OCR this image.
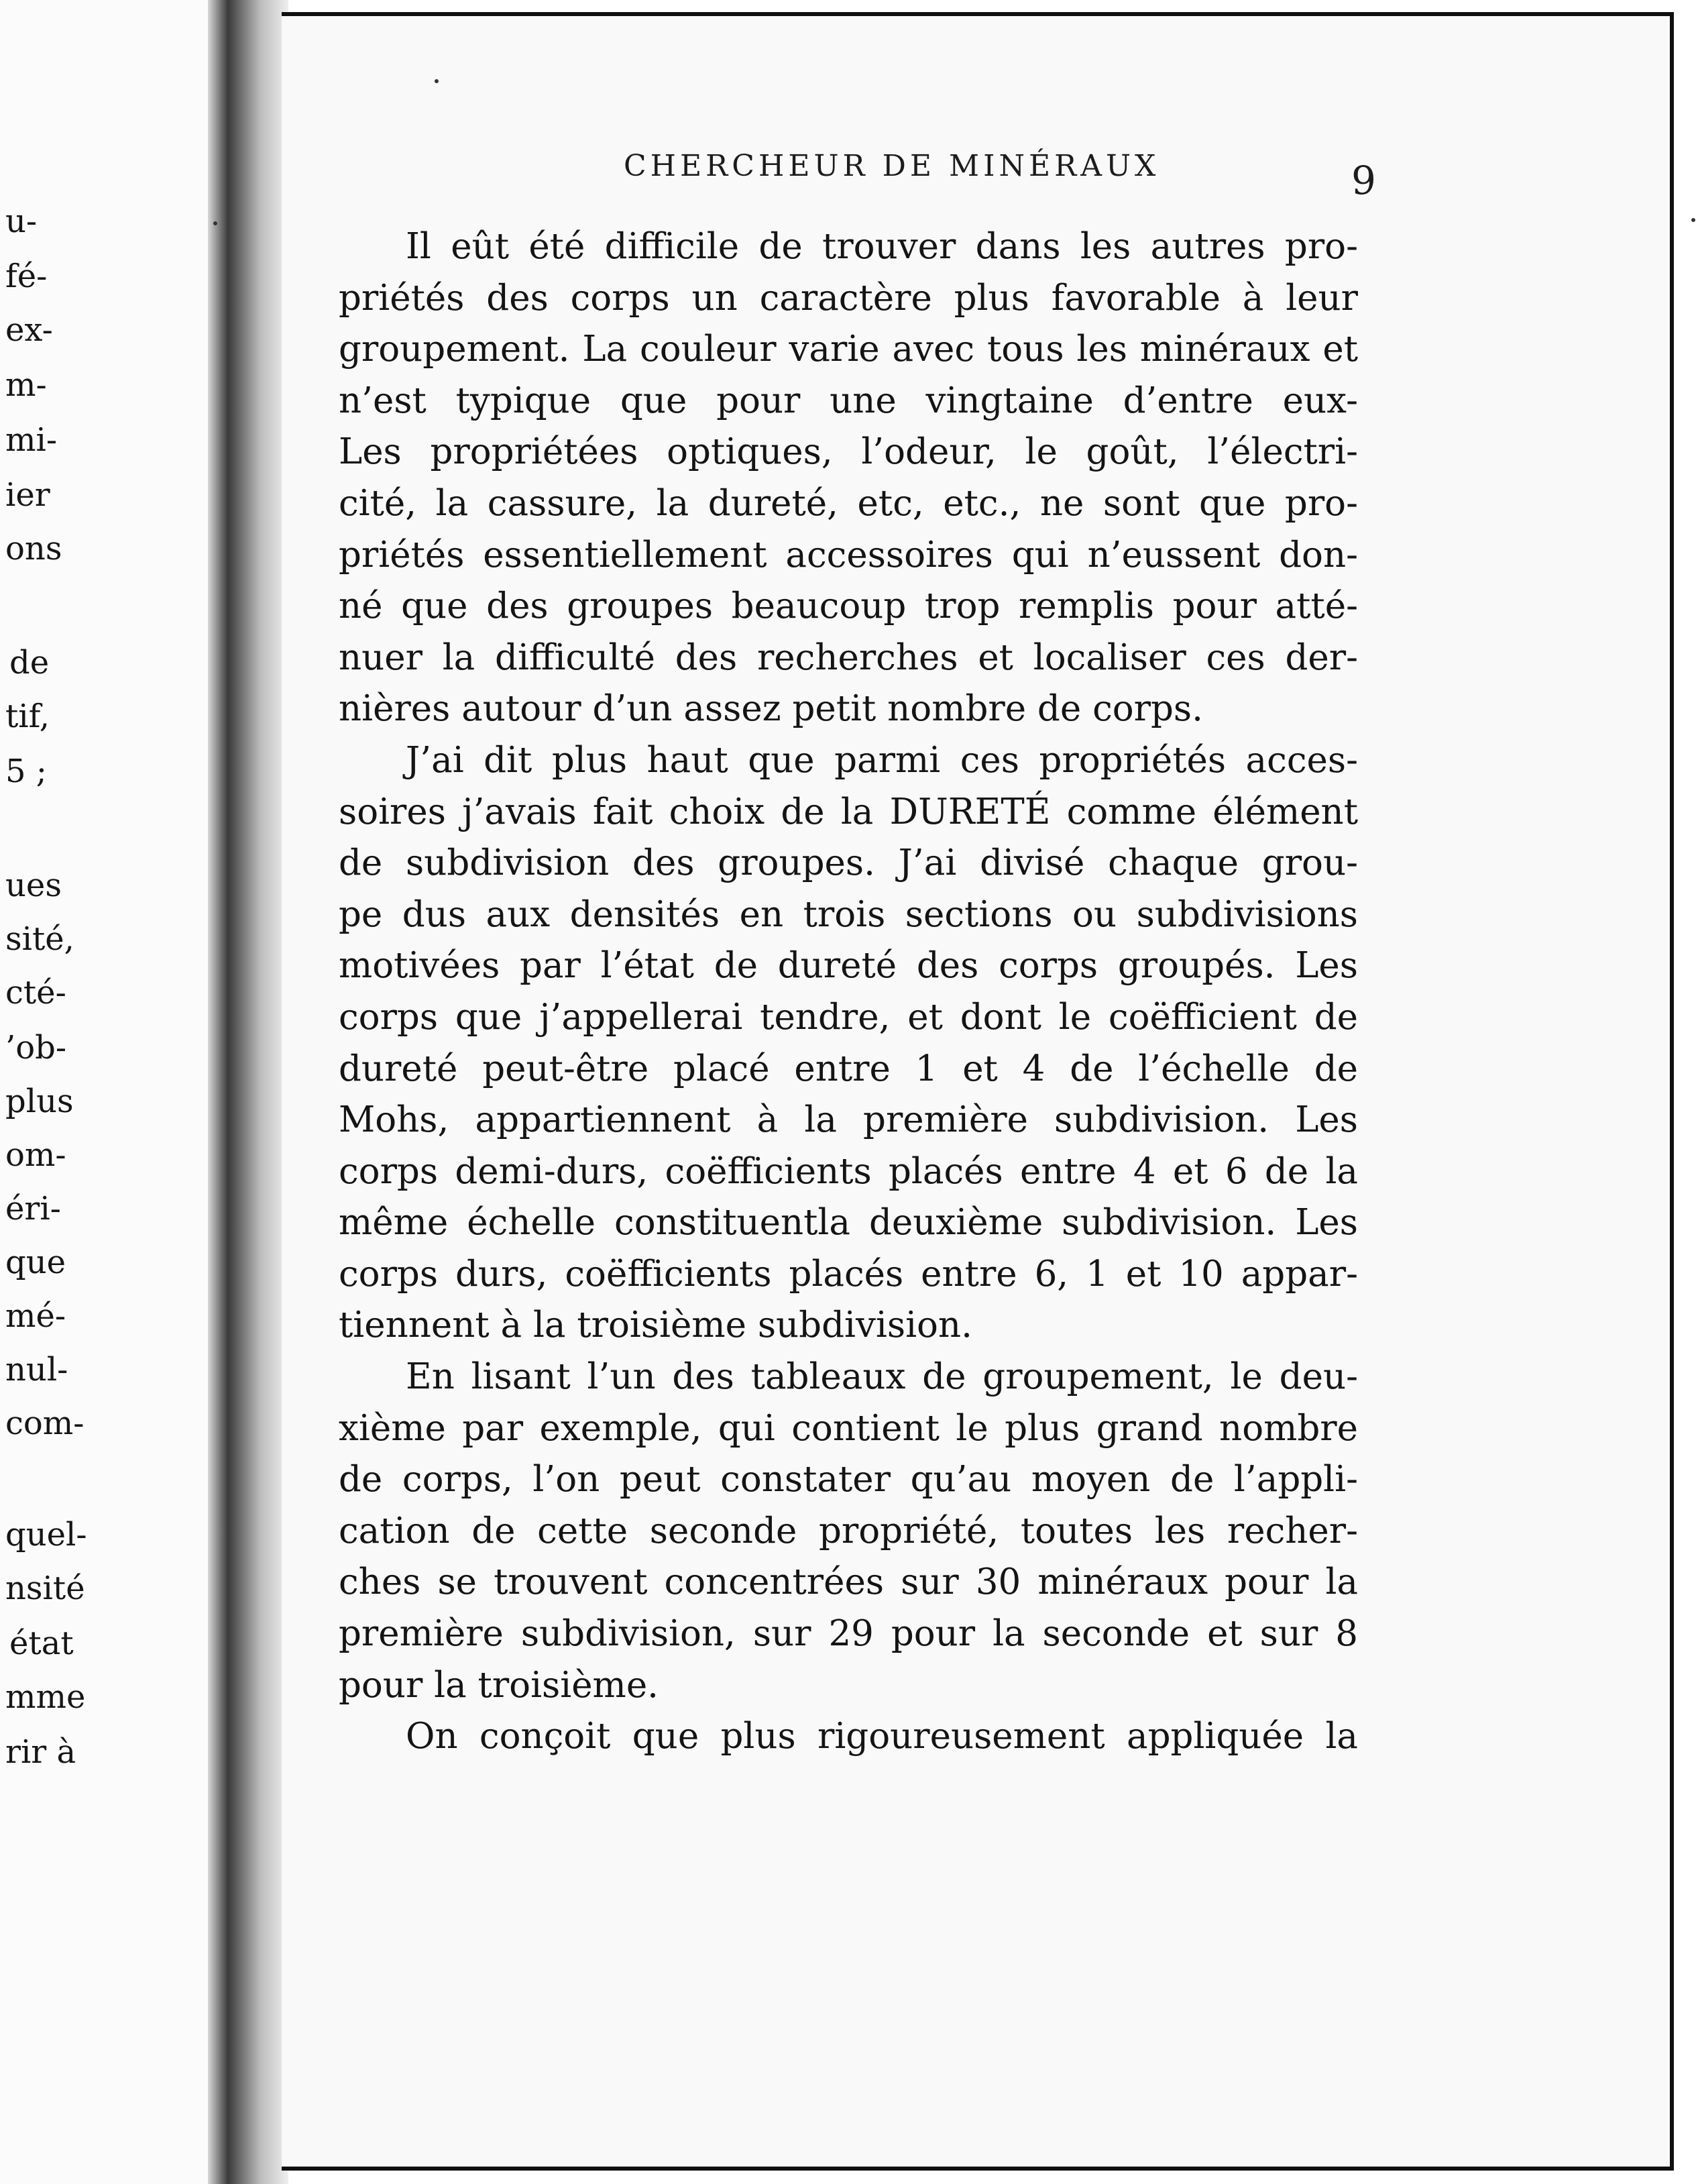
u-
fé-
ex-
m-
mi-
ier
ons
de
tif,
5 ;
ues
sité,
cté-
’ob-
plus
om-
éri-
que
mé-
nul-
com-
quel-
nsité
état
mme
rir à
CHERCHEUR DE MINÉRAUX	9
Il eût été difficile de trouver dans les autres pro-
priétés des corps un caractère plus favorable à leur
groupement. La couleur varie avec tous les minéraux et
n’est typique que pour une vingtaine d’entre eux-
Les propriétées optiques, l’odeur, le goût, l’électri-
cité, la cassure, la dureté, etc, etc., ne sont que pro-
priétés essentiellement accessoires qui n’eussent don-
né que des groupes beaucoup trop remplis pour atté-
nuer la difficulté des recherches et localiser ces der-
nières autour d’un assez petit nombre de corps.
J’ai dit plus haut que parmi ces propriétés acces-
soires j’avais fait choix de la DURETÉ comme élément
de subdivision des groupes. J’ai divisé chaque grou-
pe dus aux densités en trois sections ou subdivisions
motivées par l’état de dureté des corps groupés. Les
corps que j’appellerai tendre, et dont le coëfficient de
dureté peut-être placé entre 1 et 4 de l’échelle de
Mohs, appartiennent à la première subdivision. Les
corps demi-durs, coëfficients placés entre 4 et 6 de la
même échelle constituentla deuxième subdivision. Les
corps durs, coëfficients placés entre 6, 1 et 10 appar-
tiennent à la troisième subdivision.
En lisant l’un des tableaux de groupement, le deu-
xième par exemple, qui contient le plus grand nombre
de corps, l’on peut constater qu’au moyen de l’appli-
cation de cette seconde propriété, toutes les recher-
ches se trouvent concentrées sur 30 minéraux pour la
première subdivision, sur 29 pour la seconde et sur 8
pour la troisième.
On conçoit que plus rigoureusement appliquée la
